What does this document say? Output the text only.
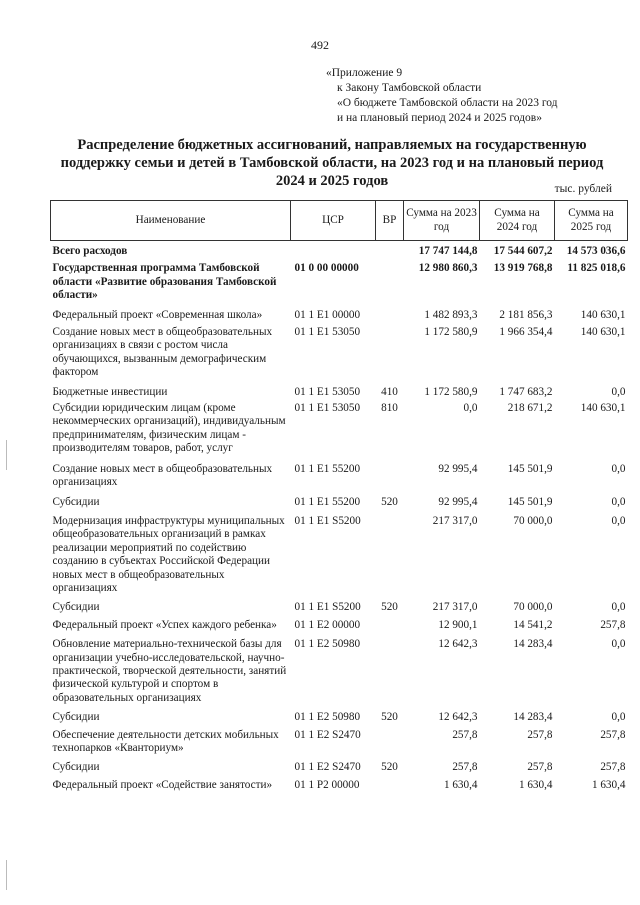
492
«Приложение 9
к Закону Тамбовской области
«О бюджете Тамбовской области на 2023 год
и на плановый период 2024 и 2025 годов»
Распределение бюджетных ассигнований, направляемых на государственную поддержку семьи и детей в Тамбовской области, на 2023 год и на плановый период 2024 и 2025 годов	тыс. рублей
Наименование	ЦСР	ВР	Сумма на 2023 год	Сумма на 2024 год	Сумма на 2025 год
Всего расходов			17 747 144,8	17 544 607,2	14 573 036,6
Государственная программа Тамбовской области «Развитие образования Тамбовской области»	01 0 00 00000		12 980 860,3	13 919 768,8	11 825 018,6
Федеральный проект «Современная школа»	01 1 E1 00000		1 482 893,3	2 181 856,3	140 630,1
Создание новых мест в общеобразовательных организациях в связи с ростом числа обучающихся, вызванным демографическим фактором	01 1 E1 53050		1 172 580,9	1 966 354,4	140 630,1
Бюджетные инвестиции	01 1 E1 53050	410	1 172 580,9	1 747 683,2	0,0
Субсидии юридическим лицам (кроме некоммерческих организаций), индивидуальным предпринимателям, физическим лицам - производителям товаров, работ, услуг	01 1 E1 53050	810	0,0	218 671,2	140 630,1
Создание новых мест в общеобразовательных организациях	01 1 E1 55200		92 995,4	145 501,9	0,0
Субсидии	01 1 E1 55200	520	92 995,4	145 501,9	0,0
Модернизация инфраструктуры муниципальных общеобразовательных организаций в рамках реализации мероприятий по содействию созданию в субъектах Российской Федерации новых мест в общеобразовательных организациях	01 1 E1 S5200		217 317,0	70 000,0	0,0
Субсидии	01 1 E1 S5200	520	217 317,0	70 000,0	0,0
Федеральный проект «Успех каждого ребенка»	01 1 E2 00000		12 900,1	14 541,2	257,8
Обновление материально-технической базы для организации учебно-исследовательской, научно-практической, творческой деятельности, занятий физической культурой и спортом в образовательных организациях	01 1 E2 50980		12 642,3	14 283,4	0,0
Субсидии	01 1 E2 50980	520	12 642,3	14 283,4	0,0
Обеспечение деятельности детских мобильных технопарков «Кванториум»	01 1 E2 S2470		257,8	257,8	257,8
Субсидии	01 1 E2 S2470	520	257,8	257,8	257,8
Федеральный проект «Содействие занятости»	01 1 P2 00000		1 630,4	1 630,4	1 630,4
